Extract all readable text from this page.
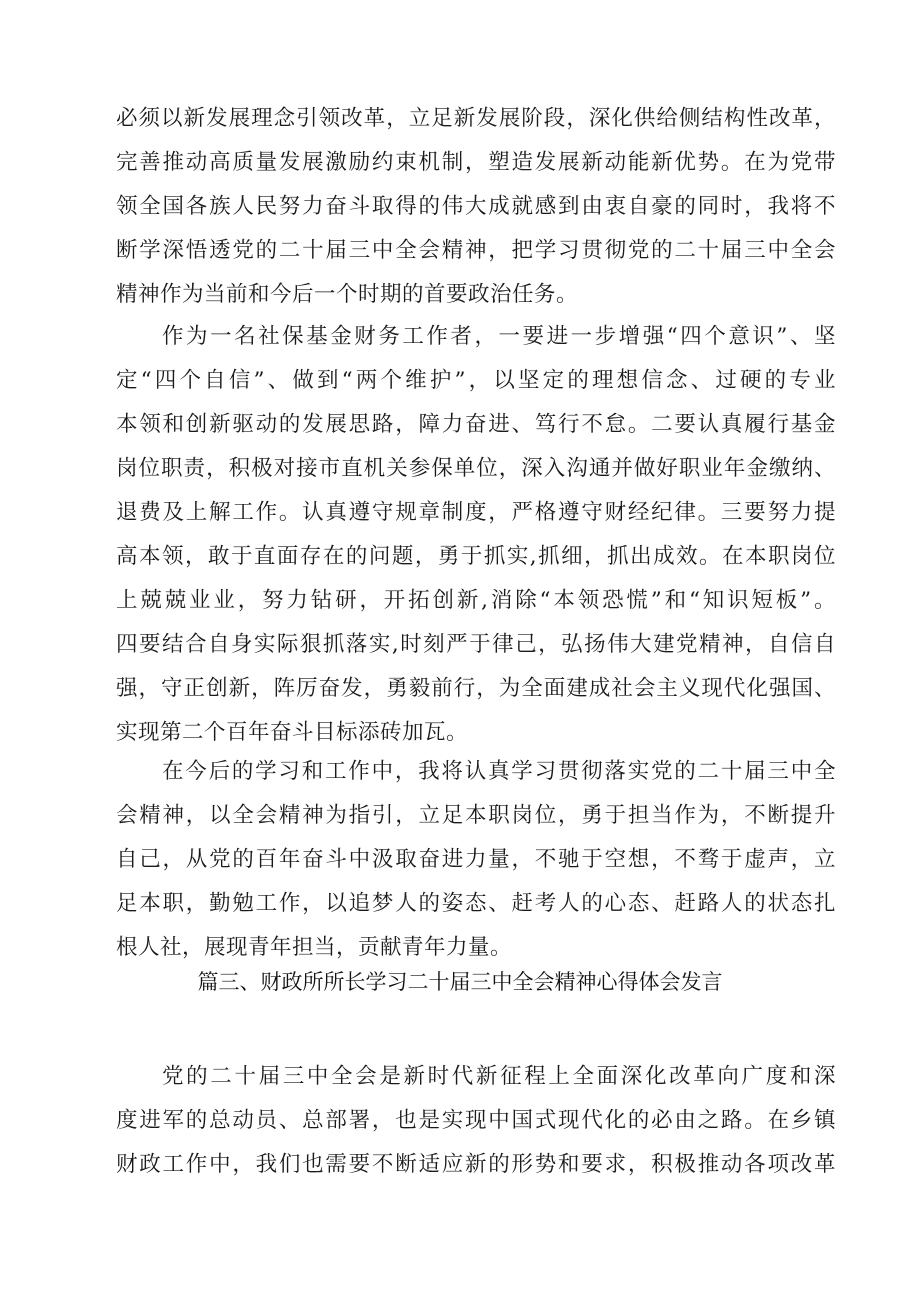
必须以新发展理念引领改革，立足新发展阶段，深化供给侧结构性改革，
完善推动高质量发展激励约束机制，塑造发展新动能新优势。在为党带
领全国各族人民努力奋斗取得的伟大成就感到由衷自豪的同时，我将不
断学深悟透党的二十届三中全会精神，把学习贯彻党的二十届三中全会
精神作为当前和今后一个时期的首要政治任务。
作为一名社保基金财务工作者，一要进一步增强“四个意识”、坚
定“四个自信”、做到“两个维护”，以坚定的理想信念、过硬的专业
本领和创新驱动的发展思路，障力奋进、笃行不怠。二要认真履行基金
岗位职责，积极对接市直机关参保单位，深入沟通并做好职业年金缴纳、
退费及上解工作。认真遵守规章制度，严格遵守财经纪律。三要努力提
高本领，敢于直面存在的问题，勇于抓实,抓细，抓出成效。在本职岗位
上兢兢业业，努力钻研，开拓创新,消除“本领恐慌”和“知识短板”。
四要结合自身实际狠抓落实,时刻严于律己，弘扬伟大建党精神，自信自
强，守正创新，阵厉奋发，勇毅前行，为全面建成社会主义现代化强国、
实现第二个百年奋斗目标添砖加瓦。
在今后的学习和工作中，我将认真学习贯彻落实党的二十届三中全
会精神，以全会精神为指引，立足本职岗位，勇于担当作为，不断提升
自己，从党的百年奋斗中汲取奋进力量，不驰于空想，不骛于虚声，立
足本职，勤勉工作，以追梦人的姿态、赶考人的心态、赶路人的状态扎
根人社，展现青年担当，贡献青年力量。
篇三、财政所所长学习二十届三中全会精神心得体会发言
党的二十届三中全会是新时代新征程上全面深化改革向广度和深
度进军的总动员、总部署，也是实现中国式现代化的必由之路。在乡镇
财政工作中，我们也需要不断适应新的形势和要求，积极推动各项改革
